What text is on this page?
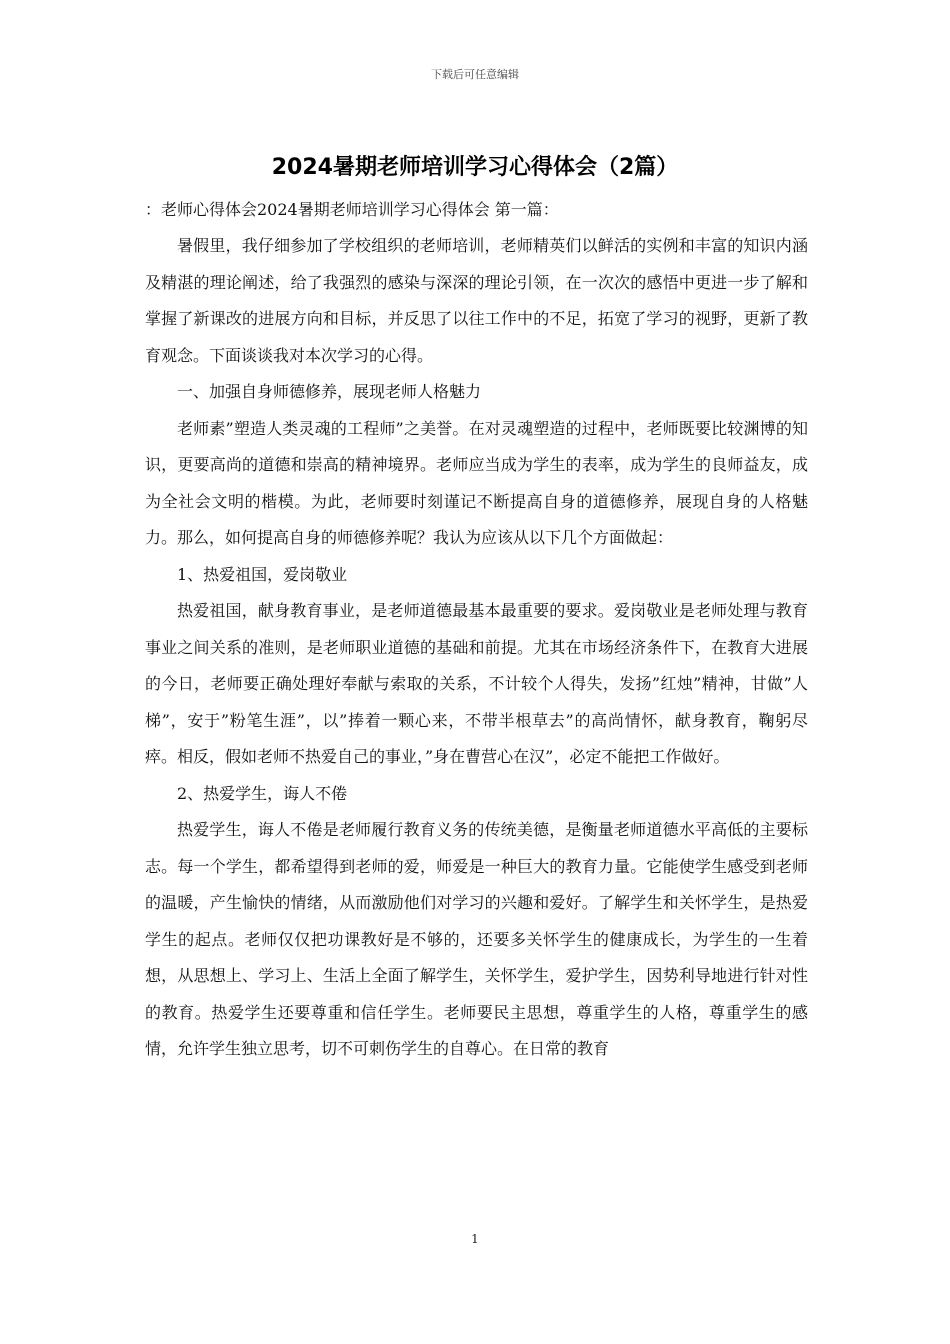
下载后可任意编辑
2024暑期老师培训学习心得体会（2篇）

：老师心得体会2024暑期老师培训学习心得体会 第一篇：

暑假里，我仔细参加了学校组织的老师培训，老师精英们以鲜活的实例和丰富的知识内涵及精湛的理论阐述，给了我强烈的感染与深深的理论引领，在一次次的感悟中更进一步了解和掌握了新课改的进展方向和目标，并反思了以往工作中的不足，拓宽了学习的视野，更新了教育观念。下面谈谈我对本次学习的心得。

一、加强自身师德修养，展现老师人格魅力

老师素”塑造人类灵魂的工程师”之美誉。在对灵魂塑造的过程中，老师既要比较渊博的知识，更要高尚的道德和崇高的精神境界。老师应当成为学生的表率，成为学生的良师益友，成为全社会文明的楷模。为此，老师要时刻谨记不断提高自身的道德修养，展现自身的人格魅力。那么，如何提高自身的师德修养呢？我认为应该从以下几个方面做起：

1、热爱祖国，爱岗敬业

热爱祖国，献身教育事业，是老师道德最基本最重要的要求。爱岗敬业是老师处理与教育事业之间关系的准则，是老师职业道德的基础和前提。尤其在市场经济条件下，在教育大进展的今日，老师要正确处理好奉献与索取的关系，不计较个人得失，发扬”红烛”精神，甘做”人梯”，安于”粉笔生涯”，以”捧着一颗心来，不带半根草去”的高尚情怀，献身教育，鞠躬尽瘁。相反，假如老师不热爱自己的事业，”身在曹营心在汉”，必定不能把工作做好。

2、热爱学生，诲人不倦

热爱学生，诲人不倦是老师履行教育义务的传统美德，是衡量老师道德水平高低的主要标志。每一个学生，都希望得到老师的爱，师爱是一种巨大的教育力量。它能使学生感受到老师的温暖，产生愉快的情绪，从而激励他们对学习的兴趣和爱好。了解学生和关怀学生，是热爱学生的起点。老师仅仅把功课教好是不够的，还要多关怀学生的健康成长，为学生的一生着想，从思想上、学习上、生活上全面了解学生，关怀学生，爱护学生，因势利导地进行针对性的教育。热爱学生还要尊重和信任学生。老师要民主思想，尊重学生的人格，尊重学生的感情，允许学生独立思考，切不可刺伤学生的自尊心。在日常的教育

1
